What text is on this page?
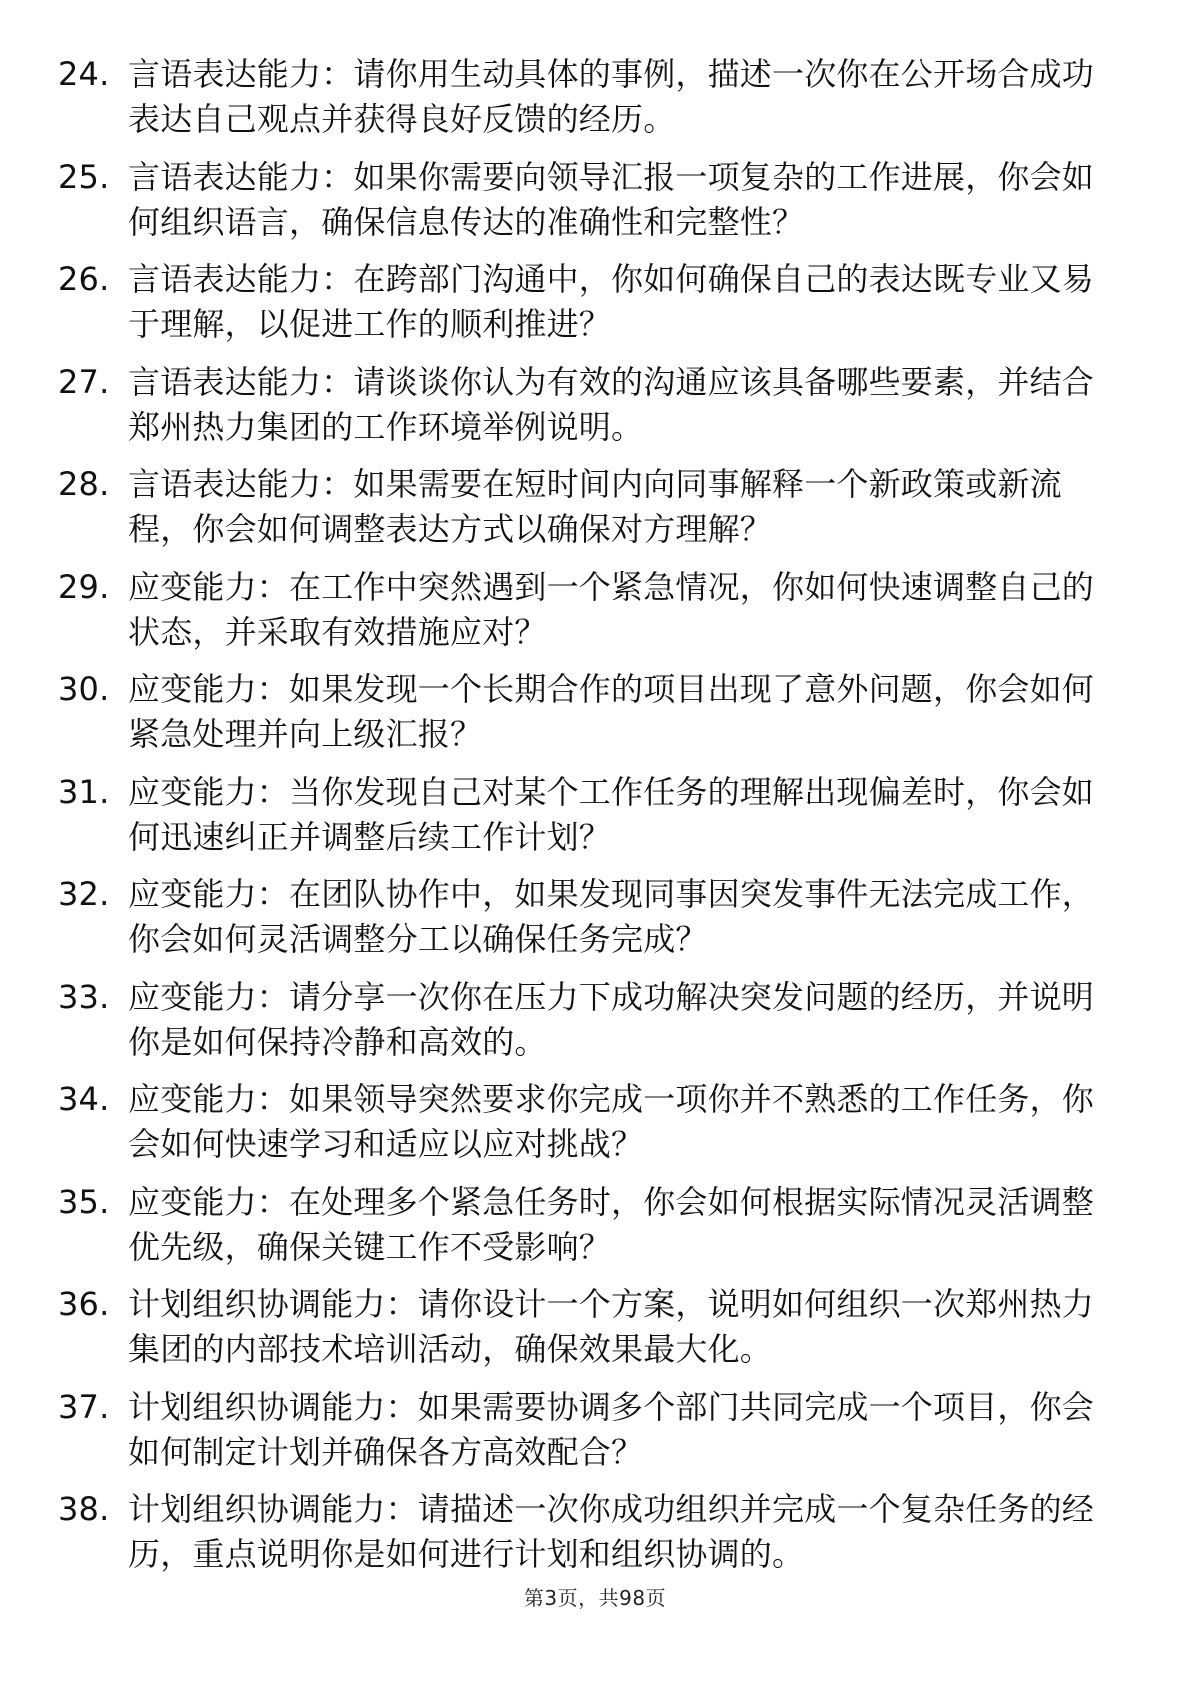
24. 言语表达能力：请你用生动具体的事例，描述一次你在公开场合成功表达自己观点并获得良好反馈的经历。
25. 言语表达能力：如果你需要向领导汇报一项复杂的工作进展，你会如何组织语言，确保信息传达的准确性和完整性？
26. 言语表达能力：在跨部门沟通中，你如何确保自己的表达既专业又易于理解，以促进工作的顺利推进？
27. 言语表达能力：请谈谈你认为有效的沟通应该具备哪些要素，并结合郑州热力集团的工作环境举例说明。
28. 言语表达能力：如果需要在短时间内向同事解释一个新政策或新流程，你会如何调整表达方式以确保对方理解？
29. 应变能力：在工作中突然遇到一个紧急情况，你如何快速调整自己的状态，并采取有效措施应对？
30. 应变能力：如果发现一个长期合作的项目出现了意外问题，你会如何紧急处理并向上级汇报？
31. 应变能力：当你发现自己对某个工作任务的理解出现偏差时，你会如何迅速纠正并调整后续工作计划？
32. 应变能力：在团队协作中，如果发现同事因突发事件无法完成工作，你会如何灵活调整分工以确保任务完成？
33. 应变能力：请分享一次你在压力下成功解决突发问题的经历，并说明你是如何保持冷静和高效的。
34. 应变能力：如果领导突然要求你完成一项你并不熟悉的工作任务，你会如何快速学习和适应以应对挑战？
35. 应变能力：在处理多个紧急任务时，你会如何根据实际情况灵活调整优先级，确保关键工作不受影响？
36. 计划组织协调能力：请你设计一个方案，说明如何组织一次郑州热力集团的内部技术培训活动，确保效果最大化。
37. 计划组织协调能力：如果需要协调多个部门共同完成一个项目，你会如何制定计划并确保各方高效配合？
38. 计划组织协调能力：请描述一次你成功组织并完成一个复杂任务的经历，重点说明你是如何进行计划和组织协调的。
第3页，共98页
